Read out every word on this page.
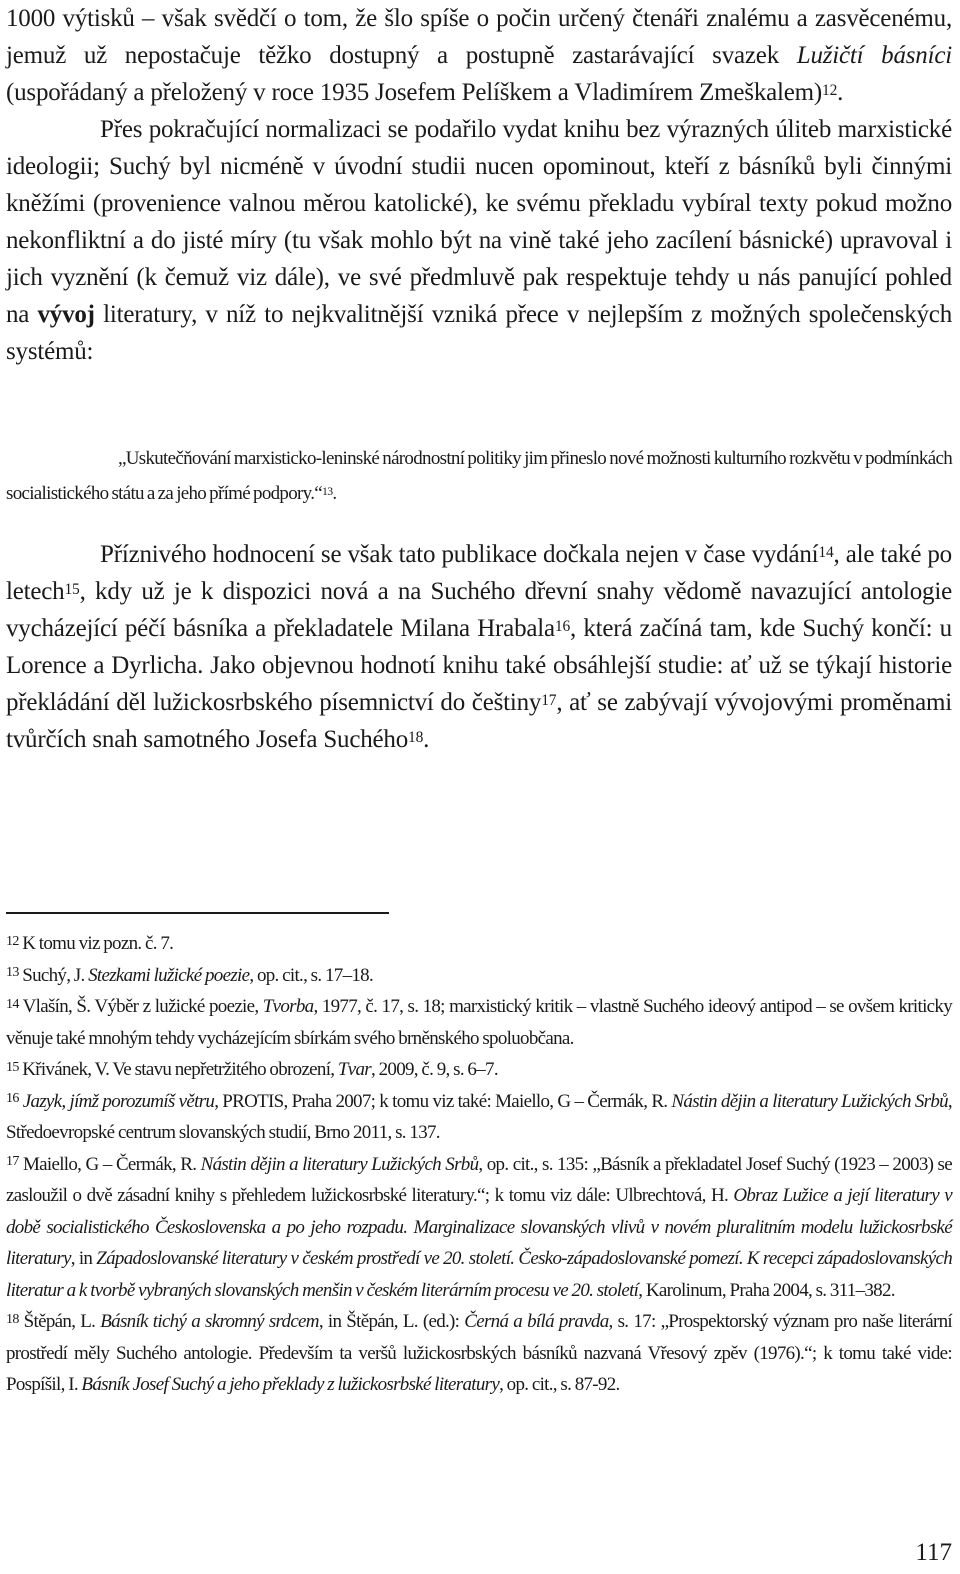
1000 výtisků – však svědčí o tom, že šlo spíše o počin určený čtenáři znalému a zasvěcenému, jemuž už nepostačuje těžko dostupný a postupně zastarávající svazek Lužičtí básníci (uspořádaný a přeložený v roce 1935 Josefem Pelíškem a Vladimírem Zmeškalem)$^{12}$.

Přes pokračující normalizaci se podařilo vydat knihu bez výrazných úliteb marxistické ideologii; Suchý byl nicméně v úvodní studii nucen opominout, kteří z básníků byli činnými kněžími (provenience valnou měrou katolické), ke svému překladu vybíral texty pokud možno nekonfliktní a do jisté míry (tu však mohlo být na vině také jeho zacílení básnické) upravoval i jich vyznění (k čemuž viz dále), ve své předmluvě pak respektuje tehdy u nás panující pohled na vývoj literatury, v níž to nejkvalitnější vzniká přece v nejlepším z možných společenských systémů:

„Uskutečňování marxisticko-leninské národnostní politiky jim přineslo nové možnosti kulturního rozkvětu v podmínkách socialistického státu a za jeho přímé podpory.“$^{13}$.

Příznivého hodnocení se však tato publikace dočkala nejen v čase vydání$^{14}$, ale také po letech$^{15}$, kdy už je k dispozici nová a na Suchého dřevní snahy vědomě navazující antologie vycházející péčí básníka a překladatele Milana Hrabala$^{16}$, která začíná tam, kde Suchý končí: u Lorence a Dyrlicha. Jako objevnou hodnotí knihu také obsáhlejší studie: ať už se týkají historie překládání děl lužickosrbského písemnictví do češtiny$^{17}$, ať se zabývají vývojovými proměnami tvůrčích snah samotného Josefa Suchého$^{18}$.

$^{12}$ K tomu viz pozn. č. 7.

$^{13}$ Suchý, J. Stezkami lužické poezie, op. cit., s. 17–18.

$^{14}$ Vlašín, Š. Výběr z lužické poezie, Tvorba, 1977, č. 17, s. 18; marxistický kritik – vlastně Suchého ideový antipod – se ovšem kriticky věnuje také mnohým tehdy vycházejícím sbírkám svého brněnského spoluobčana.

$^{15}$ Křivánek, V. Ve stavu nepřetržitého obrození, Tvar, 2009, č. 9, s. 6–7.

$^{16}$ Jazyk, jímž porozumíš větru, PROTIS, Praha 2007; k tomu viz také: Maiello, G – Čermák, R. Nástin dějin a literatury Lužických Srbů, Středoevropské centrum slovanských studií, Brno 2011, s. 137.

$^{17}$ Maiello, G – Čermák, R. Nástin dějin a literatury Lužických Srbů, op. cit., s. 135: „Básník a překladatel Josef Suchý (1923 – 2003) se zasloužil o dvě zásadní knihy s přehledem lužickosrbské literatury.“; k tomu viz dále: Ulbrechtová, H. Obraz Lužice a její literatury v době socialistického Československa a po jeho rozpadu. Marginalizace slovanských vlivů v novém pluralitním modelu lužickosrbské literatury, in Západoslovanské literatury v českém prostředí ve 20. století. Česko-západoslovanské pomezí. K recepci západoslovanských literatur a k tvorbě vybraných slovanských menšin v českém literárním procesu ve 20. století, Karolinum, Praha 2004, s. 311–382.

$^{18}$ Štěpán, L. Básník tichý a skromný srdcem, in Štěpán, L. (ed.): Černá a bílá pravda, s. 17: „Prospektorský význam pro naše literární prostředí měly Suchého antologie. Především ta veršů lužickosrbských básníků nazvaná Vřesový zpěv (1976).“; k tomu také vide: Pospíšil, I. Básník Josef Suchý a jeho překlady z lužickosrbské literatury, op. cit., s. 87-92.

117
